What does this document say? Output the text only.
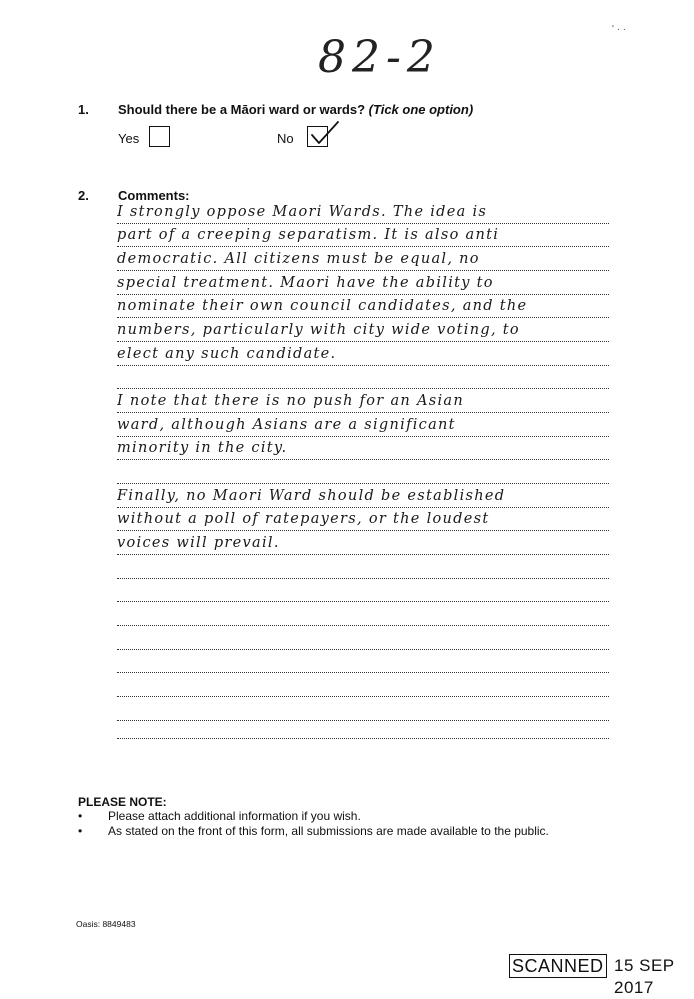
82-2
' · ·
1. Should there be a Māori ward or wards? (Tick one option)
Yes	No
2. Comments:
I strongly oppose Maori Wards. The idea is
part of a creeping separatism. It is also anti
democratic. All citizens must be equal, no
special treatment. Maori have the ability to
nominate their own council candidates, and the
numbers, particularly with city wide voting, to
elect any such candidate.
I note that there is no push for an Asian
ward, although Asians are a significant
minority in the city.
Finally, no Maori Ward should be established
without a poll of ratepayers, or the loudest
voices will prevail.
PLEASE NOTE:
• Please attach additional information if you wish.
• As stated on the front of this form, all submissions are made available to the public.
Oasis: 8849483
SCANNED 15 SEP 2017
